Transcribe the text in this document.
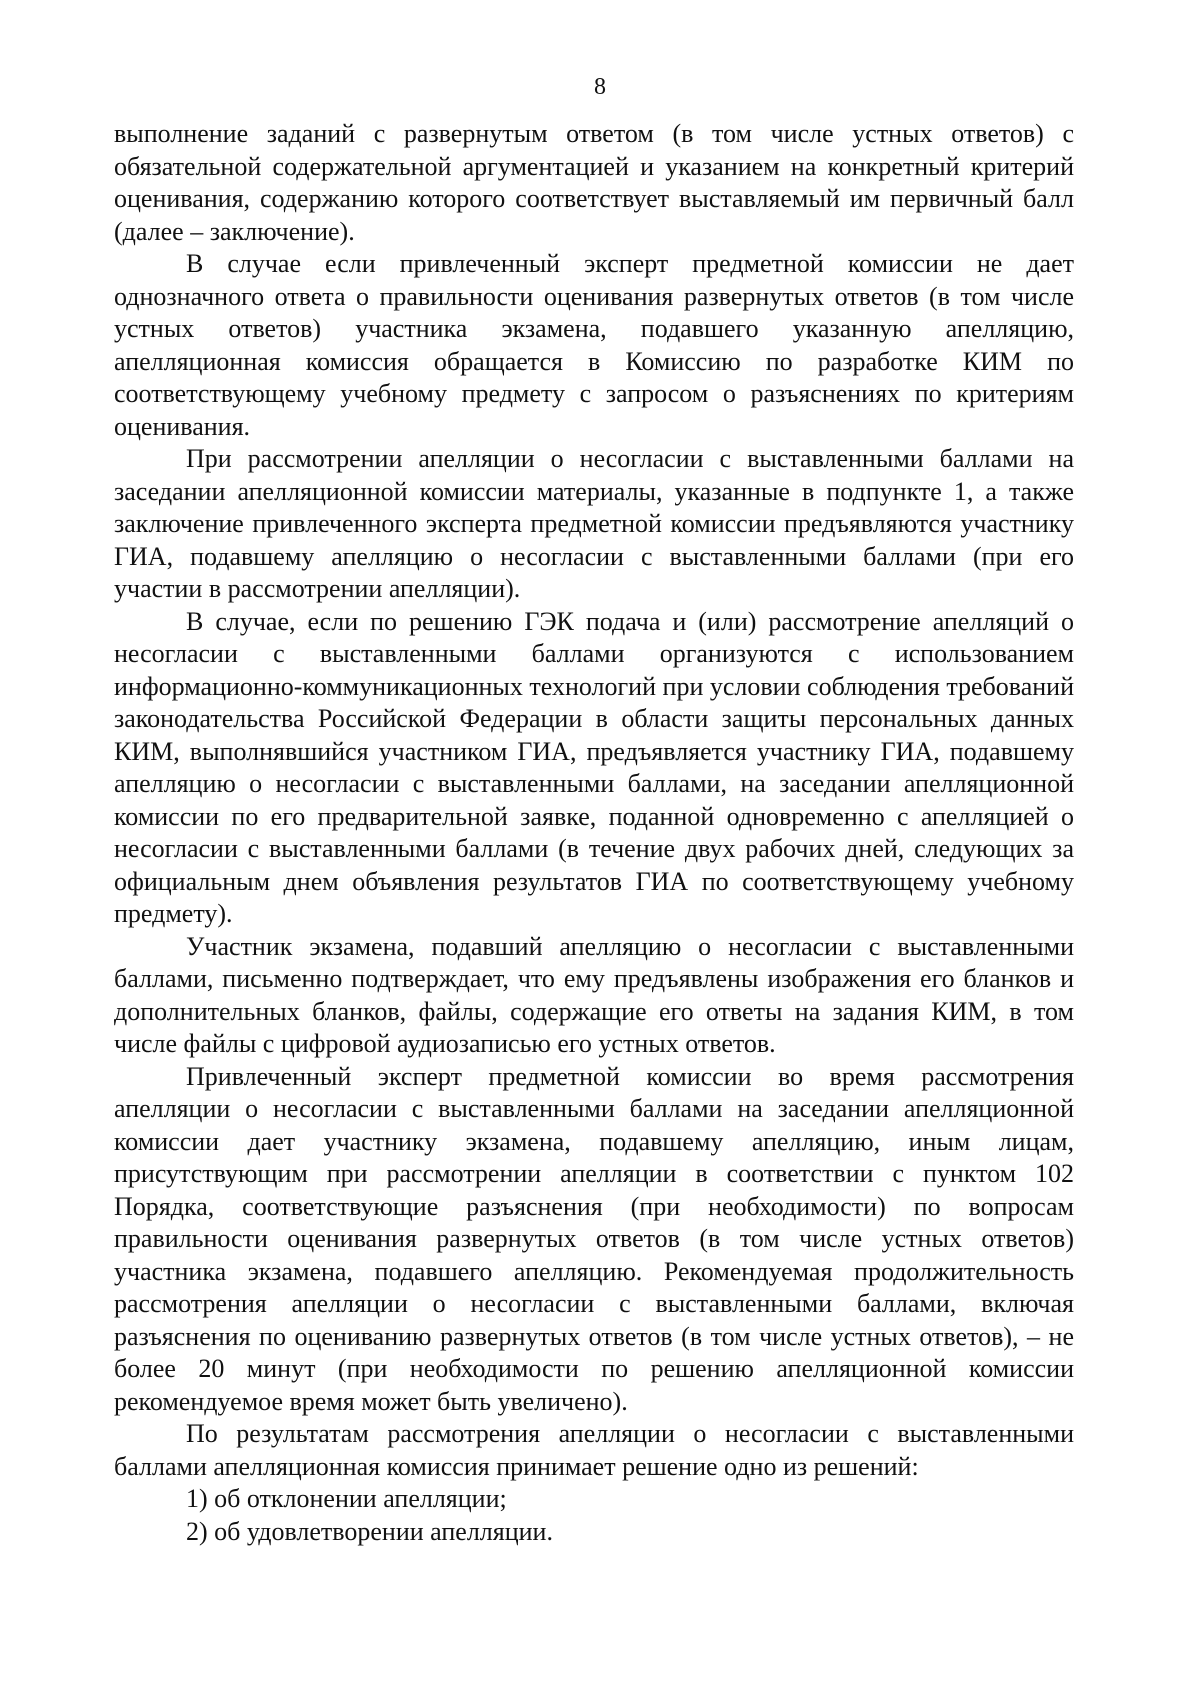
8

выполнение заданий с развернутым ответом (в том числе устных ответов) с обязательной содержательной аргументацией и указанием на конкретный критерий оценивания, содержанию которого соответствует выставляемый им первичный балл (далее – заключение).

В случае если привлеченный эксперт предметной комиссии не дает однозначного ответа о правильности оценивания развернутых ответов (в том числе устных ответов) участника экзамена, подавшего указанную апелляцию, апелляционная комиссия обращается в Комиссию по разработке КИМ по соответствующему учебному предмету с запросом о разъяснениях по критериям оценивания.

При рассмотрении апелляции о несогласии с выставленными баллами на заседании апелляционной комиссии материалы, указанные в подпункте 1, а также заключение привлеченного эксперта предметной комиссии предъявляются участнику ГИА, подавшему апелляцию о несогласии с выставленными баллами (при его участии в рассмотрении апелляции).

В случае, если по решению ГЭК подача и (или) рассмотрение апелляций о несогласии с выставленными баллами организуются с использованием информационно-коммуникационных технологий при условии соблюдения требований законодательства Российской Федерации в области защиты персональных данных КИМ, выполнявшийся участником ГИА, предъявляется участнику ГИА, подавшему апелляцию о несогласии с выставленными баллами, на заседании апелляционной комиссии по его предварительной заявке, поданной одновременно с апелляцией о несогласии с выставленными баллами (в течение двух рабочих дней, следующих за официальным днем объявления результатов ГИА по соответствующему учебному предмету).

Участник экзамена, подавший апелляцию о несогласии с выставленными баллами, письменно подтверждает, что ему предъявлены изображения его бланков и дополнительных бланков, файлы, содержащие его ответы на задания КИМ, в том числе файлы с цифровой аудиозаписью его устных ответов.

Привлеченный эксперт предметной комиссии во время рассмотрения апелляции о несогласии с выставленными баллами на заседании апелляционной комиссии дает участнику экзамена, подавшему апелляцию, иным лицам, присутствующим при рассмотрении апелляции в соответствии с пунктом 102 Порядка, соответствующие разъяснения (при необходимости) по вопросам правильности оценивания развернутых ответов (в том числе устных ответов) участника экзамена, подавшего апелляцию. Рекомендуемая продолжительность рассмотрения апелляции о несогласии с выставленными баллами, включая разъяснения по оцениванию развернутых ответов (в том числе устных ответов), – не более 20 минут (при необходимости по решению апелляционной комиссии рекомендуемое время может быть увеличено).

По результатам рассмотрения апелляции о несогласии с выставленными баллами апелляционная комиссия принимает решение одно из решений:

1) об отклонении апелляции;

2) об удовлетворении апелляции.
